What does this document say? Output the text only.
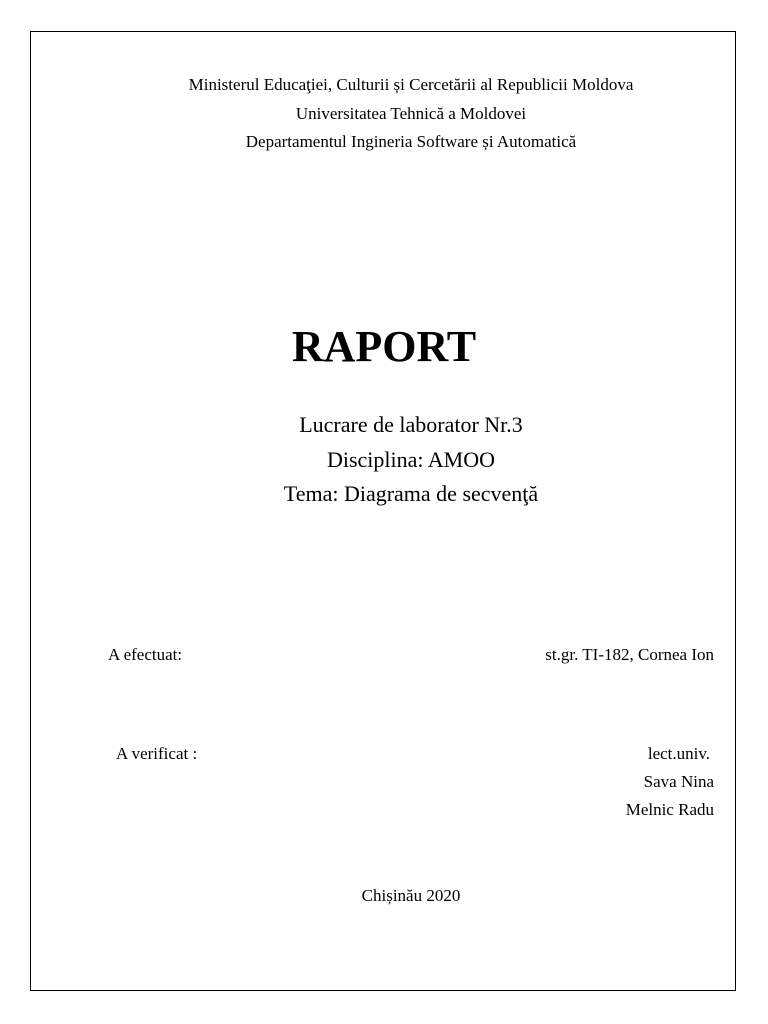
Ministerul Educaţiei, Culturii și Cercetării al Republicii Moldova
Universitatea Tehnică a Moldovei
Departamentul Ingineria Software și Automatică
RAPORT
Lucrare de laborator Nr.3
Disciplina: AMOO
Tema: Diagrama de secvenţă
A efectuat:	st.gr. TI-182, Cornea Ion
A verificat :	lect.univ.
Sava Nina
Melnic Radu
Chișinău 2020
